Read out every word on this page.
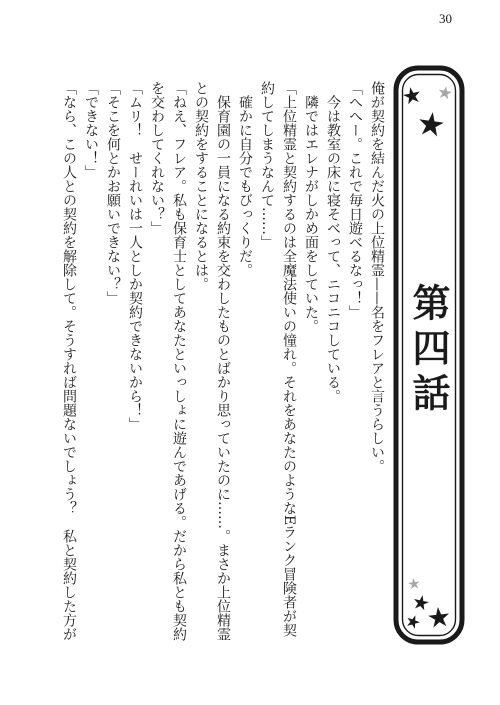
30
第四話
俺が契約を結んだ火の上位精霊——名をフレアと言うらしい。
「へへー。これで毎日遊べるなっ！」
　今は教室の床に寝そべって、ニコニコしている。
　隣ではエレナがしかめ面をしていた。
「上位精霊と契約するのは全魔法使いの憧れ。それをあなたのようなEランク冒険者が契
約してしまうなんて……」
　確かに自分でもびっくりだ。
　保育園の一員になる約束を交わしたものとばかり思っていたのに……。まさか上位精霊
との契約をすることになるとは。
「ねえ、フレア。私も保育士としてあなたといっしょに遊んであげる。だから私とも契約
を交わしてくれない？」
「ムリ！　せーれいは一人としか契約できないから！」
「そこを何とかお願いできない？」
「できない！」
「なら、この人との契約を解除して。そうすれば問題ないでしょう？　私と契約した方が
